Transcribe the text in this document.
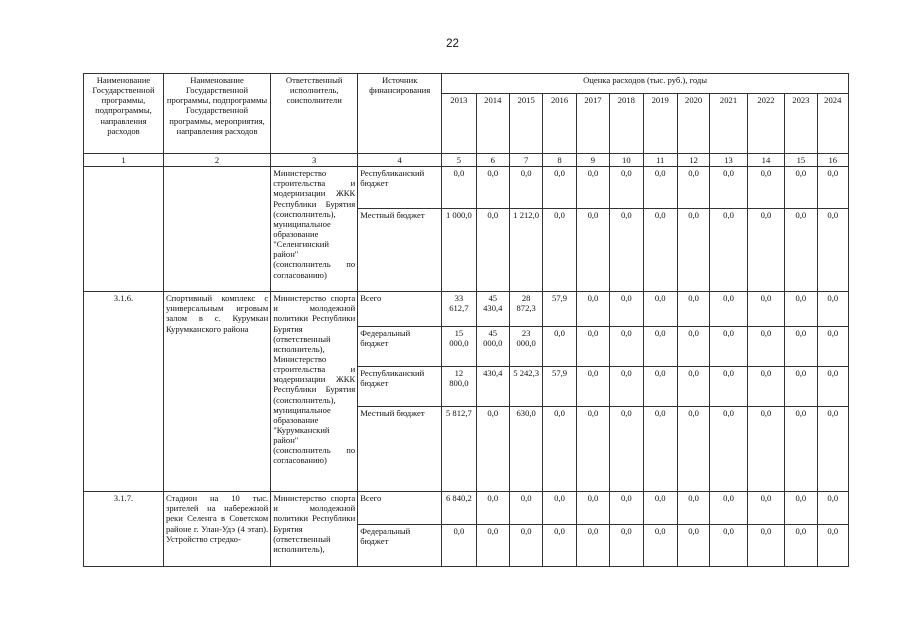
22
Наименование Государственной программы, подпрограммы, направления расходов	Наименование Государственной программы, подпрограммы Государственной программы, мероприятия, направления расходов	Ответственный исполнитель, соисполнители	Источник финансирования	Оценка расходов (тыс. руб.), годы											
				2013	2014	2015	2016	2017	2018	2019	2020	2021	2022	2023	2024
1	2	3	4	5	6	7	8	9	10	11	12	13	14	15	16
		Министерство строительства и модернизации ЖКК Республики Бурятия (соисполнитель), муниципальное образование "Селенгинский район" (соисполнитель по согласованию)	Республиканский бюджет	0,0	0,0	0,0	0,0	0,0	0,0	0,0	0,0	0,0	0,0	0,0	0,0
			Местный бюджет	1 000,0	0,0	1 212,0	0,0	0,0	0,0	0,0	0,0	0,0	0,0	0,0	0,0
3.1.6.	Спортивный комплекс с универсальным игровым залом в с. Курумкан Курумканского района	Министерство спорта и молодежной политики Республики Бурятия (ответственный исполнитель), Министерство строительства и модернизации ЖКК Республики Бурятия (соисполнитель), муниципальное образование "Курумканский район" (соисполнитель по согласованию)	Всего	33 612,7	45 430,4	28 872,3	57,9	0,0	0,0	0,0	0,0	0,0	0,0	0,0	0,0
			Федеральный бюджет	15 000,0	45 000,0	23 000,0	0,0	0,0	0,0	0,0	0,0	0,0	0,0	0,0	0,0
			Республиканский бюджет	12 800,0	430,4	5 242,3	57,9	0,0	0,0	0,0	0,0	0,0	0,0	0,0	0,0
			Местный бюджет	5 812,7	0,0	630,0	0,0	0,0	0,0	0,0	0,0	0,0	0,0	0,0	0,0
3.1.7.	Стадион на 10 тыс. зрителей на набережной реки Селенга в Советском районе г. Улан-Удэ (4 этап). Устройство стредко-	Министерство спорта и молодежной политики Республики Бурятия (ответственный исполнитель),	Всего	6 840,2	0,0	0,0	0,0	0,0	0,0	0,0	0,0	0,0	0,0	0,0	0,0
			Федеральный бюджет	0,0	0,0	0,0	0,0	0,0	0,0	0,0	0,0	0,0	0,0	0,0	0,0
